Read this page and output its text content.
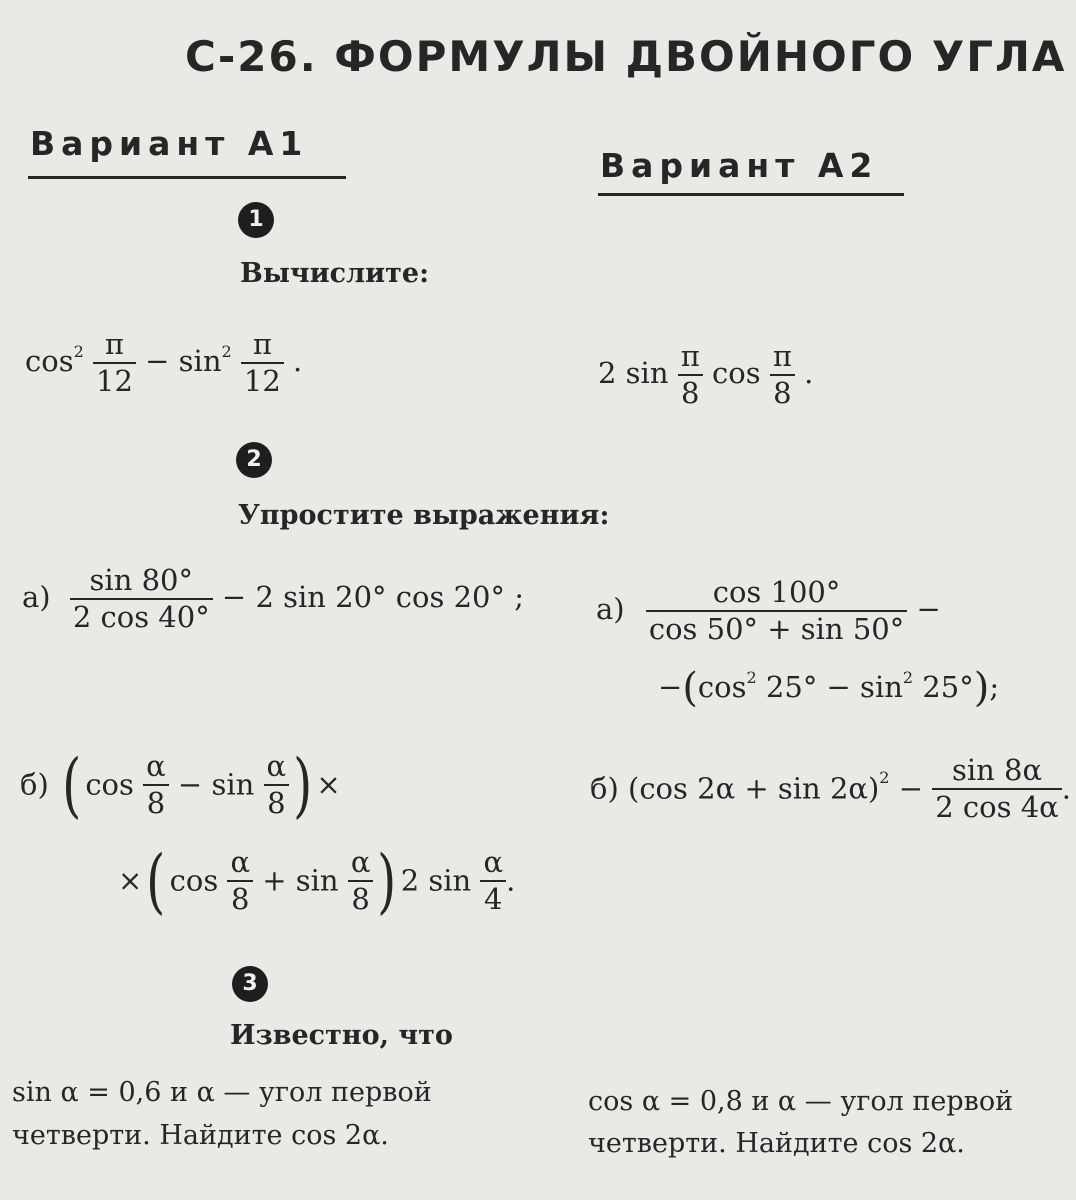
С-26. ФОРМУЛЫ ДВОЙНОГО УГЛА
Вариант А1
Вариант А2
1
Вычислите:
$\cos^2 \frac{\pi}{12} - \sin^2 \frac{\pi}{12}$ .	2 $\sin \frac{\pi}{8}$ $\cos \frac{\pi}{8}$ .
2
Упростите выражения:
$а) \frac{\sin 80^\circ}{2 \cos 40^\circ} - 2$ sin 20° cos 20° ; $а) \frac{\cos 100^\circ}{\cos 50^\circ + \sin 50^\circ}$ −
$-(\cos^2$ $25^\circ - \sin^2 25^\circ$);
б) ( $\cos \frac{\alpha}{8} - \sin \frac{\alpha}{8}$ ) ×
×( $\cos \frac{\alpha}{8} + \sin \frac{\alpha}{8}$ ) 2 $\sin \frac{\alpha}{4}$ .
б) (cos $2\alpha + \sin 2\alpha)^2 - \frac{\sin 8\alpha}{2 \cos 4\alpha}$ .
3
Известно, что
sin α = 0,6 и α — угол первой
четверти. Найдите cos 2α.
cos α = 0,8 и α — угол первой
четверти. Найдите cos 2α.
